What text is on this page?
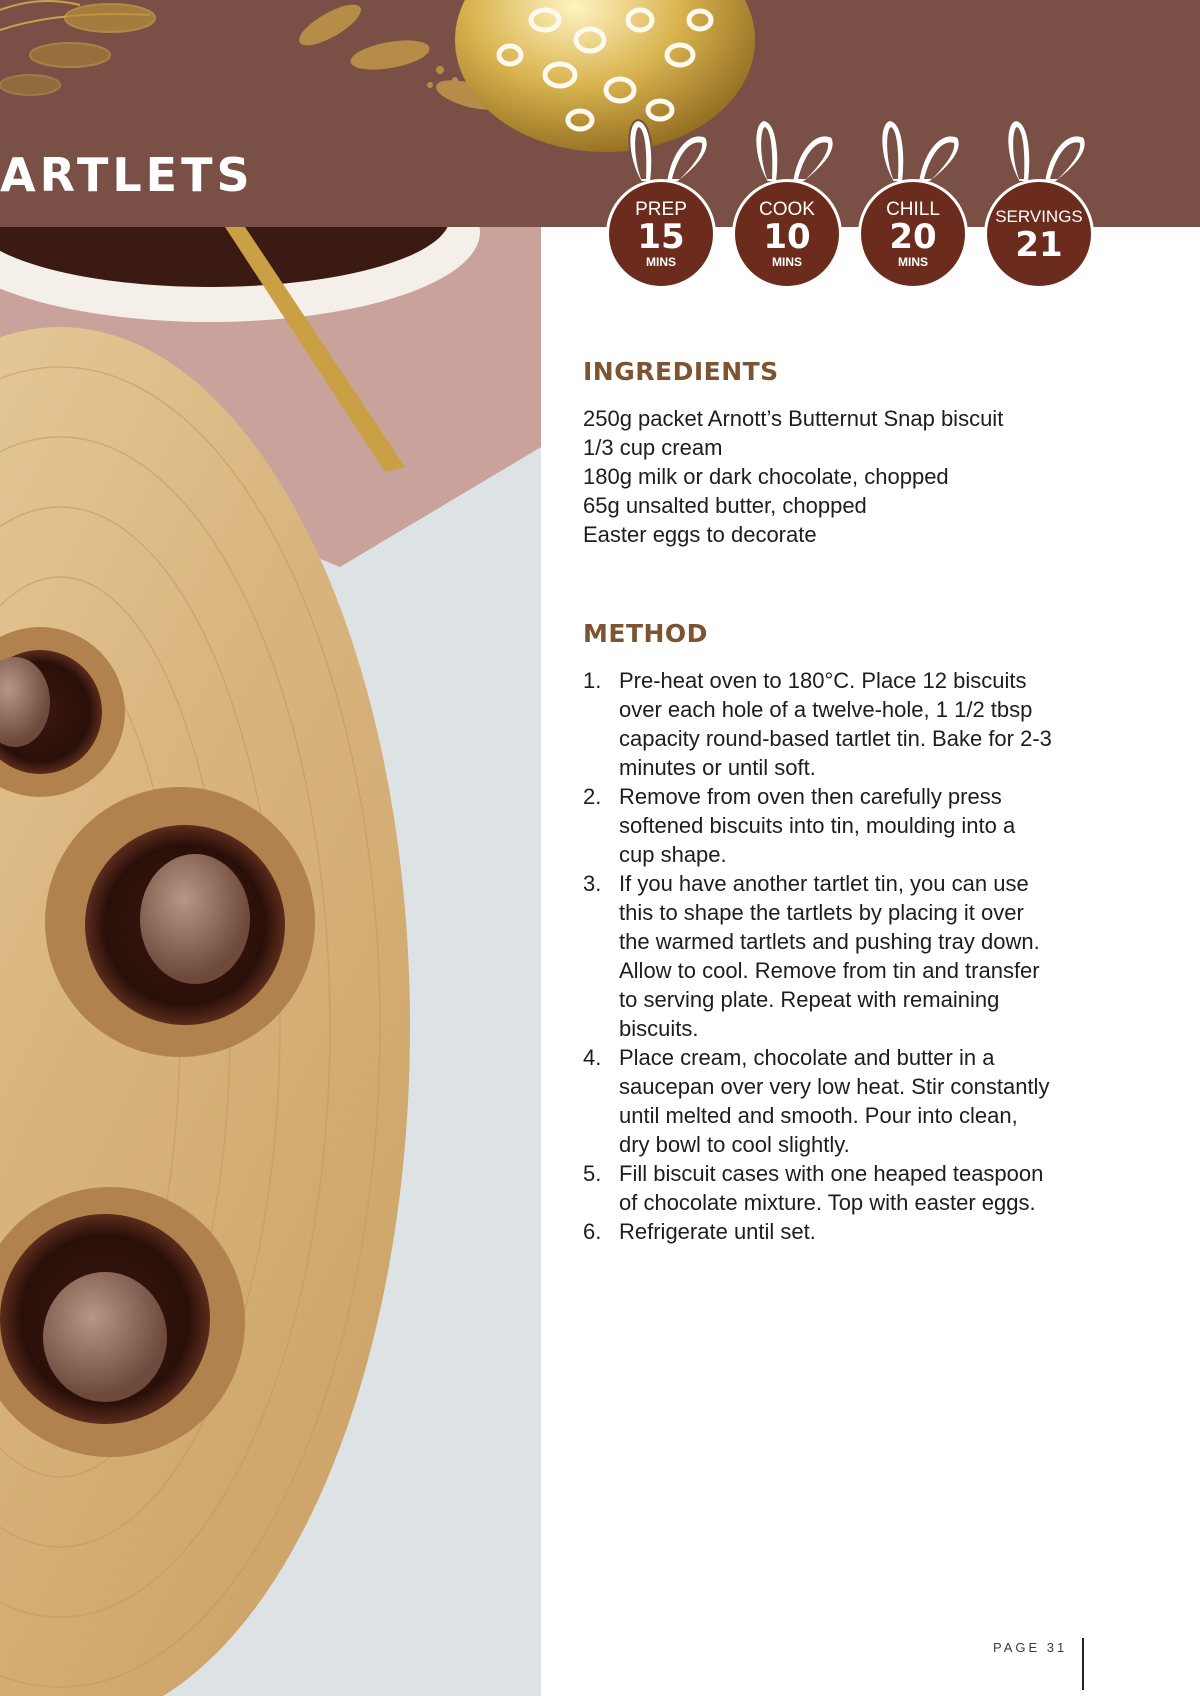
ARTLETS
PREP
15
MINS
COOK
10
MINS
CHILL
20
MINS
SERVINGS
21
INGREDIENTS
250g packet Arnott’s Butternut Snap biscuit
1/3 cup cream
180g milk or dark chocolate, chopped
65g unsalted butter, chopped
Easter eggs to decorate
METHOD
1. Pre-heat oven to 180°C. Place 12 biscuits
over each hole of a twelve-hole, 1 1/2 tbsp
capacity round-based tartlet tin. Bake for 2-3
minutes or until soft.
2. Remove from oven then carefully press
softened biscuits into tin, moulding into a
cup shape.
3. If you have another tartlet tin, you can use
this to shape the tartlets by placing it over
the warmed tartlets and pushing tray down.
Allow to cool. Remove from tin and transfer
to serving plate. Repeat with remaining
biscuits.
4. Place cream, chocolate and butter in a
saucepan over very low heat. Stir constantly
until melted and smooth. Pour into clean,
dry bowl to cool slightly.
5. Fill biscuit cases with one heaped teaspoon
of chocolate mixture. Top with easter eggs.
6. Refrigerate until set.
PAGE 31
